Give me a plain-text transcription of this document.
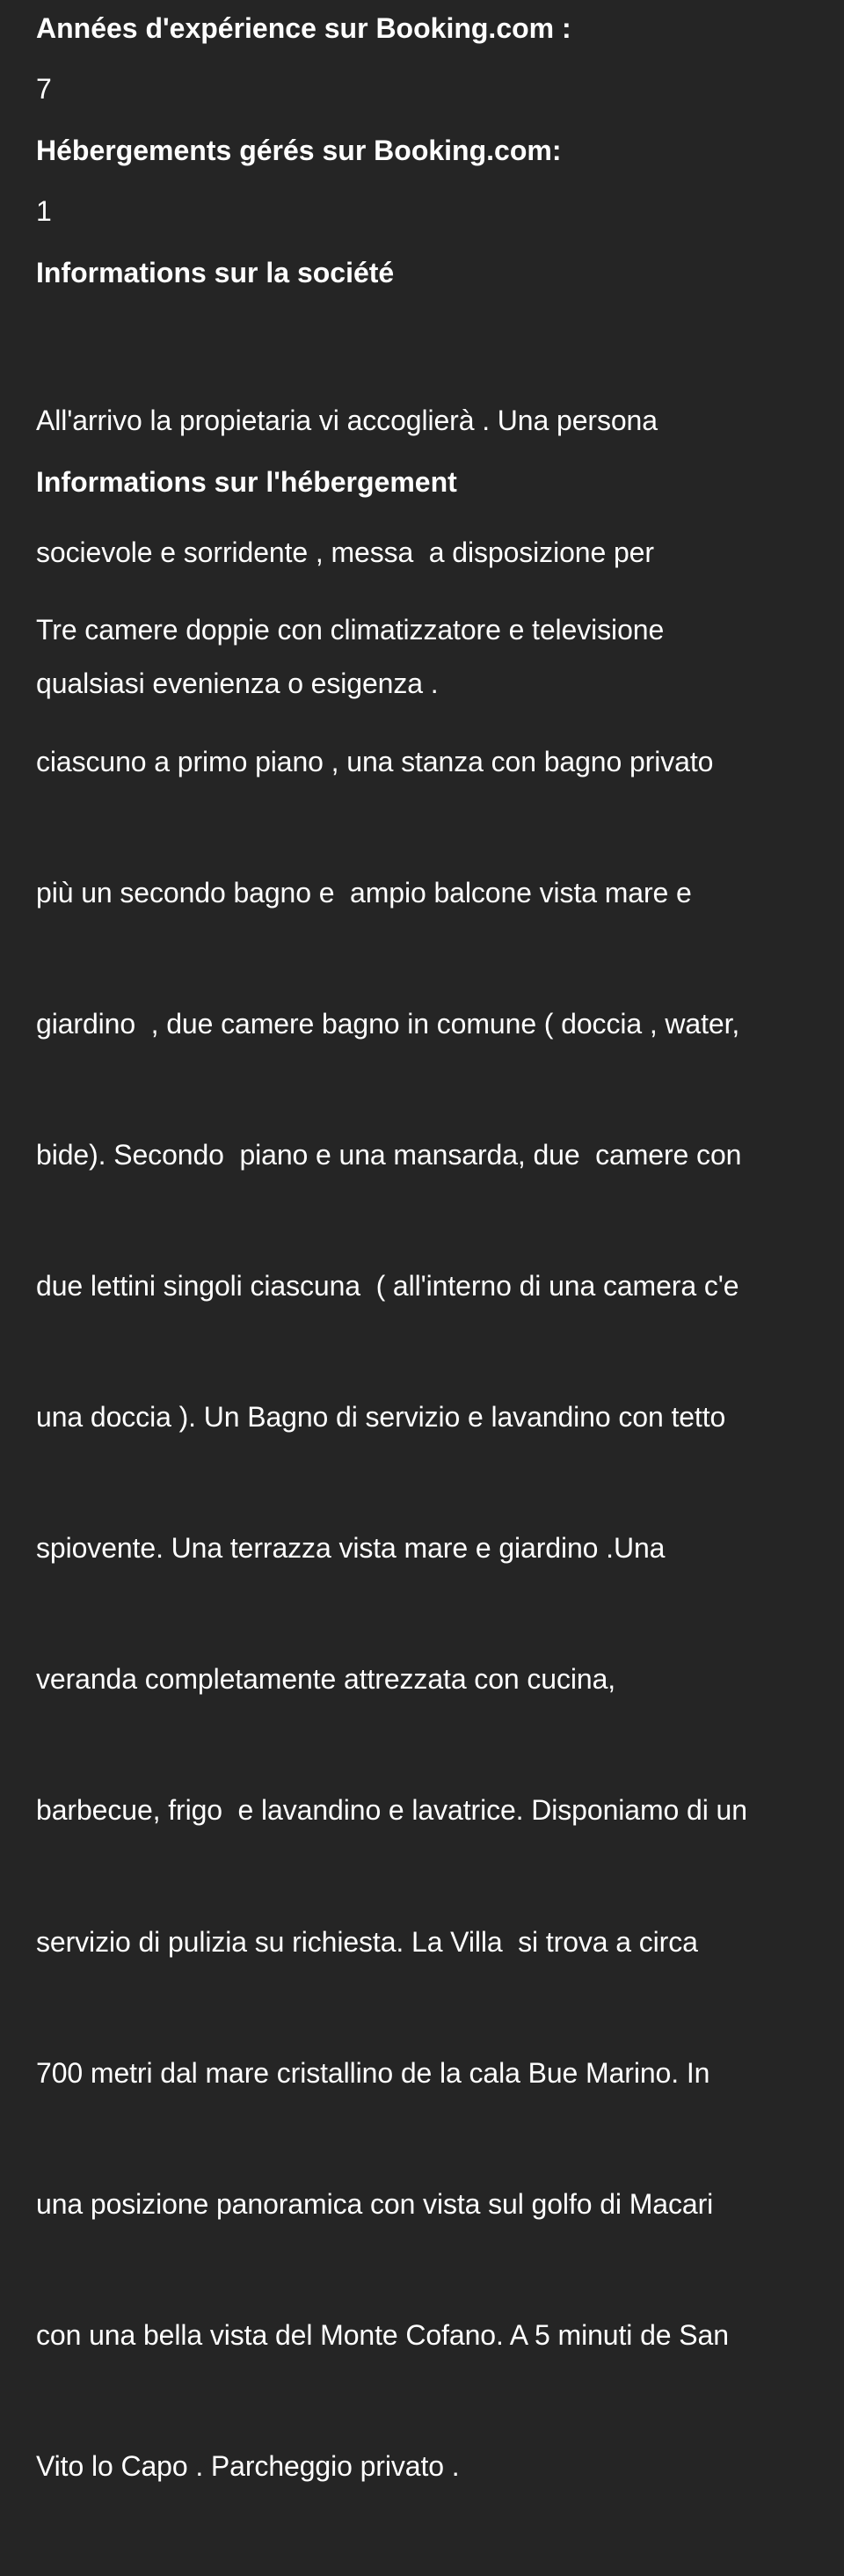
Années d'expérience sur Booking.com :
7
Hébergements gérés sur Booking.com:
1
Informations sur la société

All'arrivo la propietaria vi accoglierà . Una persona

socievole e sorridente , messa  a disposizione per

qualsiasi evenienza o esigenza .

Informations sur l'hébergement

Tre camere doppie con climatizzatore e televisione

ciascuno a primo piano , una stanza con bagno privato

più un secondo bagno e  ampio balcone vista mare e

giardino  , due camere bagno in comune ( doccia , water,

bide). Secondo  piano e una mansarda, due  camere con

due lettini singoli ciascuna  ( all'interno di una camera c'e

una doccia ). Un Bagno di servizio e lavandino con tetto

spiovente. Una terrazza vista mare e giardino .Una

veranda completamente attrezzata con cucina,

barbecue, frigo  e lavandino e lavatrice. Disponiamo di un

servizio di pulizia su richiesta. La Villa  si trova a circa

700 metri dal mare cristallino de la cala Bue Marino. In

una posizione panoramica con vista sul golfo di Macari

con una bella vista del Monte Cofano. A 5 minuti de San

Vito lo Capo . Parcheggio privato .
